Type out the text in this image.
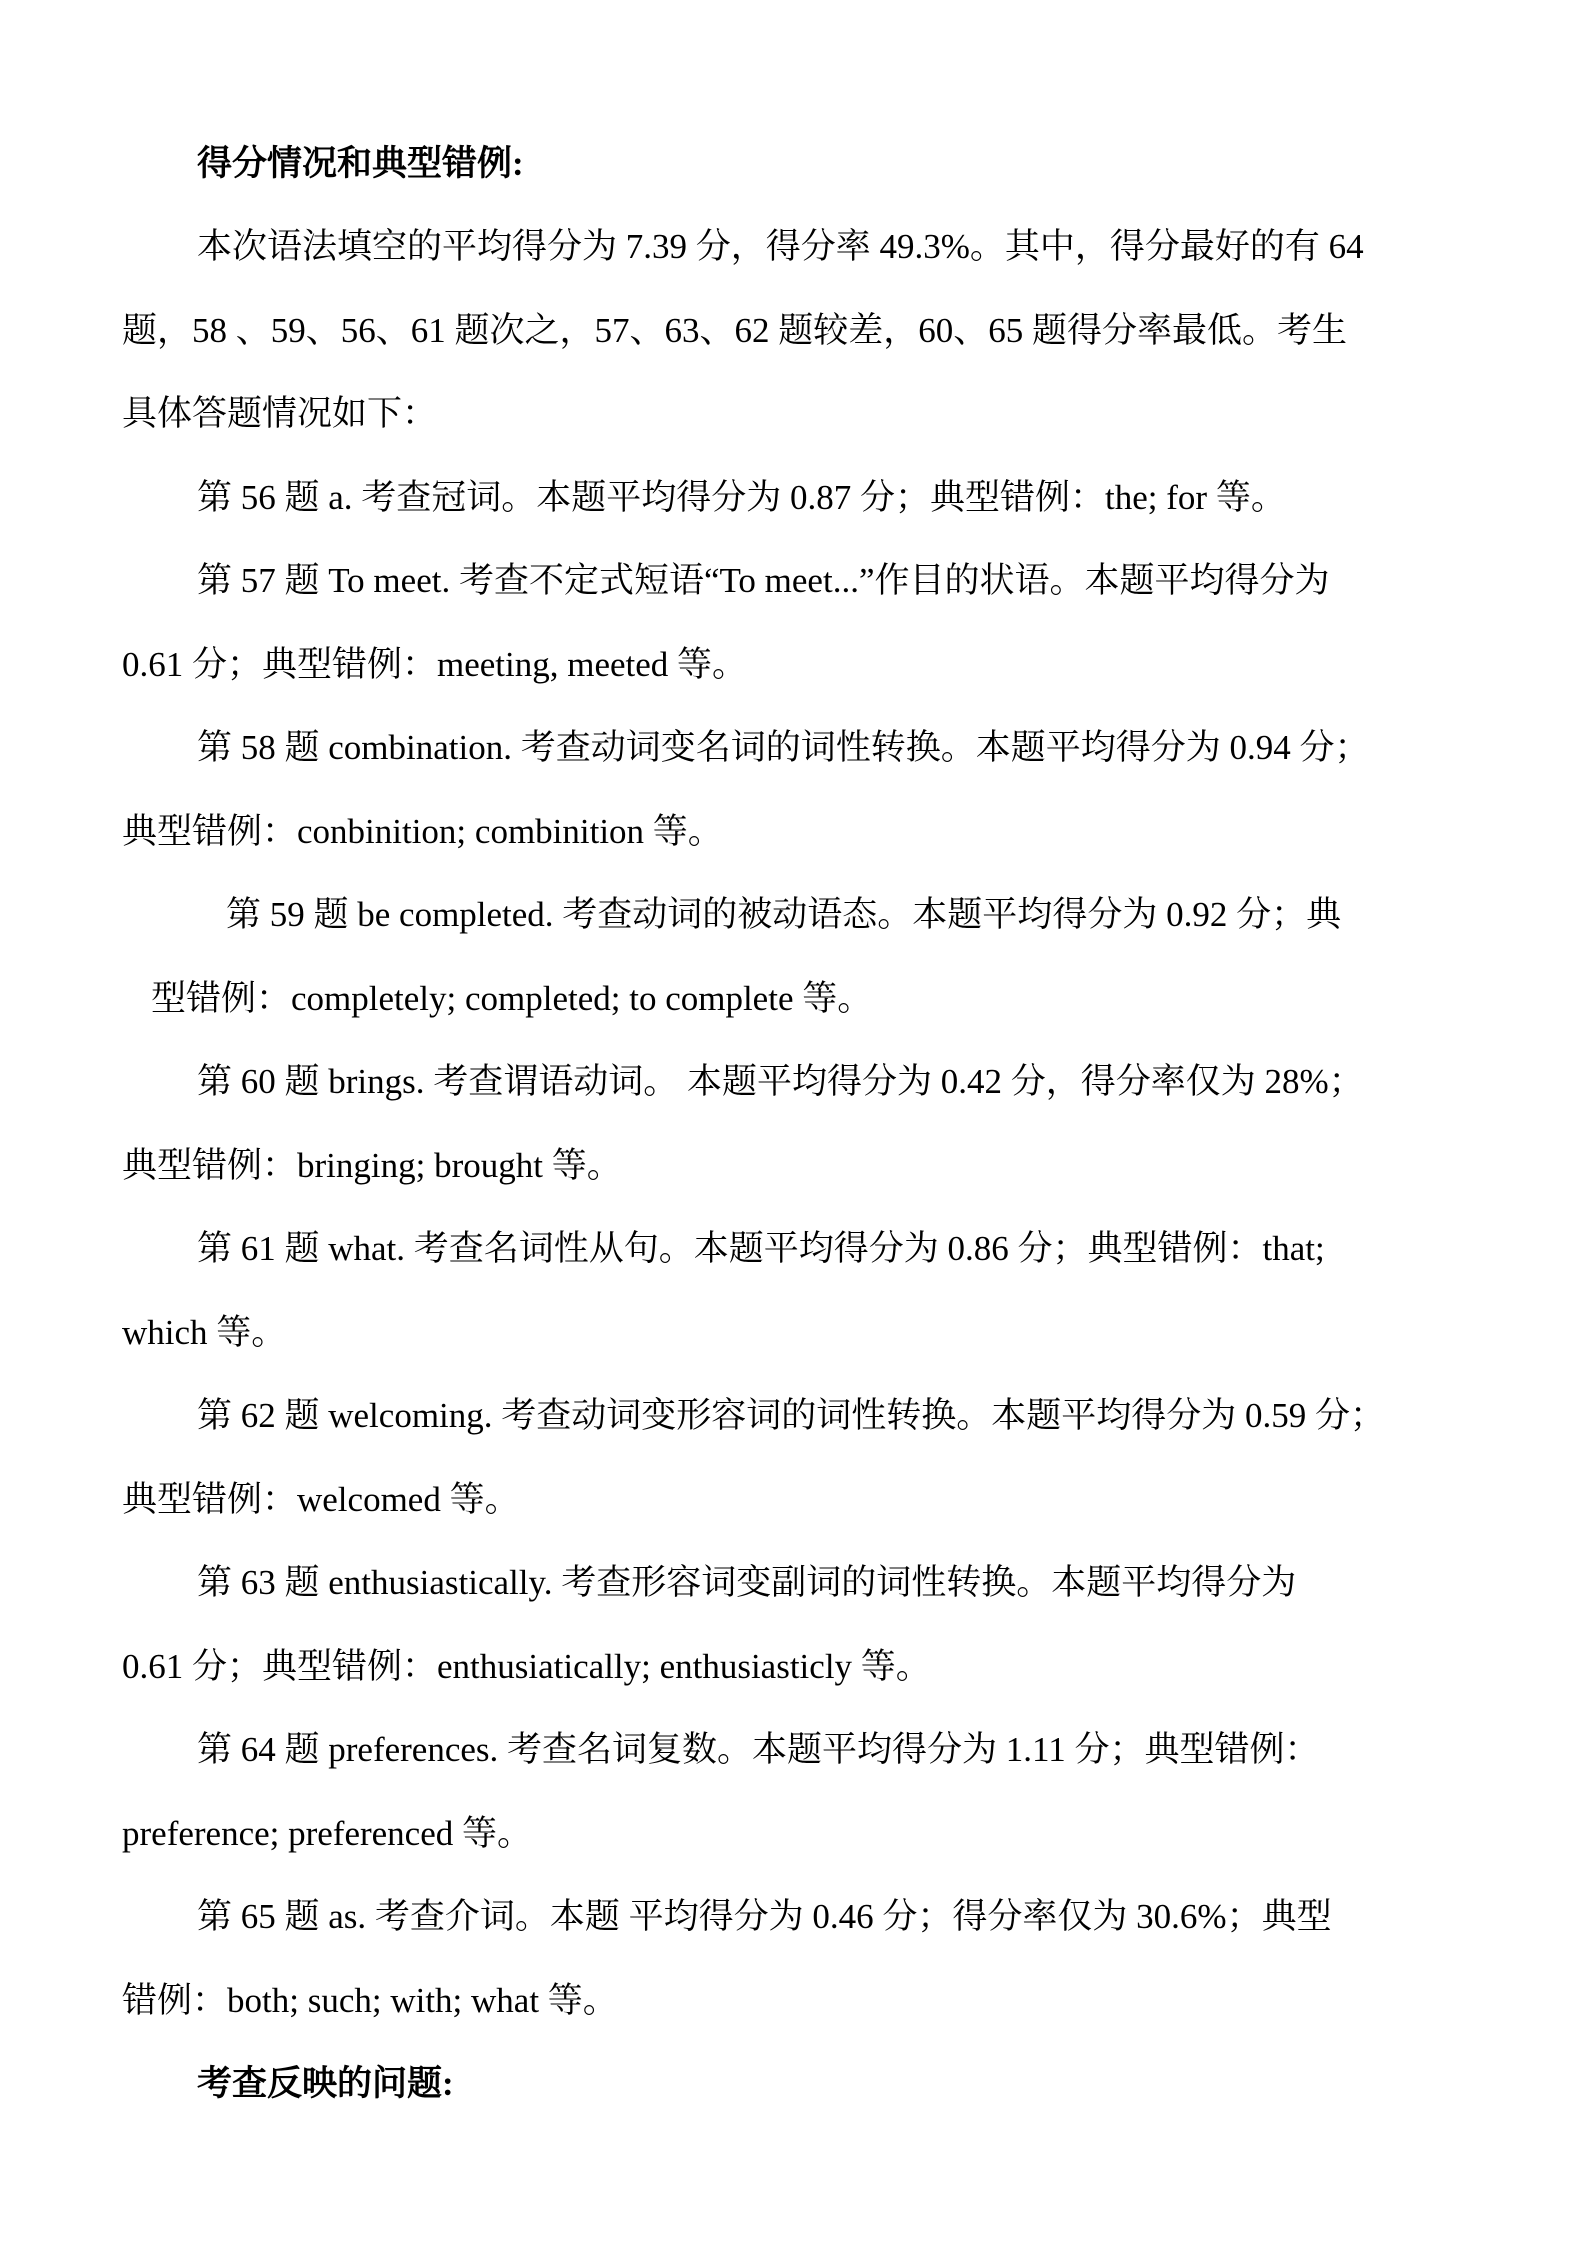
得分情况和典型错例:
本次语法填空的平均得分为 7.39 分，得分率 49.3%。其中，得分最好的有 64
题，58 、59、56、61 题次之，57、63、62 题较差，60、65 题得分率最低。考生
具体答题情况如下：
第 56 题 a. 考查冠词。本题平均得分为 0.87 分；典型错例：the; for 等。
第 57 题 To meet. 考查不定式短语“To meet...”作目的状语。本题平均得分为
0.61 分；典型错例：meeting, meeted 等。
第 58 题 combination. 考查动词变名词的词性转换。本题平均得分为 0.94 分；
典型错例：conbinition; combinition 等。
第 59 题 be completed. 考查动词的被动语态。本题平均得分为 0.92 分；典
型错例：completely; completed; to complete 等。
第 60 题 brings. 考查谓语动词。 本题平均得分为 0.42 分，得分率仅为 28%；
典型错例：bringing; brought 等。
第 61 题 what. 考查名词性从句。本题平均得分为 0.86 分；典型错例：that;
which 等。
第 62 题 welcoming. 考查动词变形容词的词性转换。本题平均得分为 0.59 分；
典型错例：welcomed 等。
第 63 题 enthusiastically. 考查形容词变副词的词性转换。本题平均得分为
0.61 分；典型错例：enthusiatically; enthusiasticly 等。
第 64 题 preferences. 考查名词复数。本题平均得分为 1.11 分；典型错例：
preference; preferenced 等。
第 65 题 as. 考查介词。本题 平均得分为 0.46 分；得分率仅为 30.6%；典型
错例：both; such; with; what 等。
考查反映的问题:
